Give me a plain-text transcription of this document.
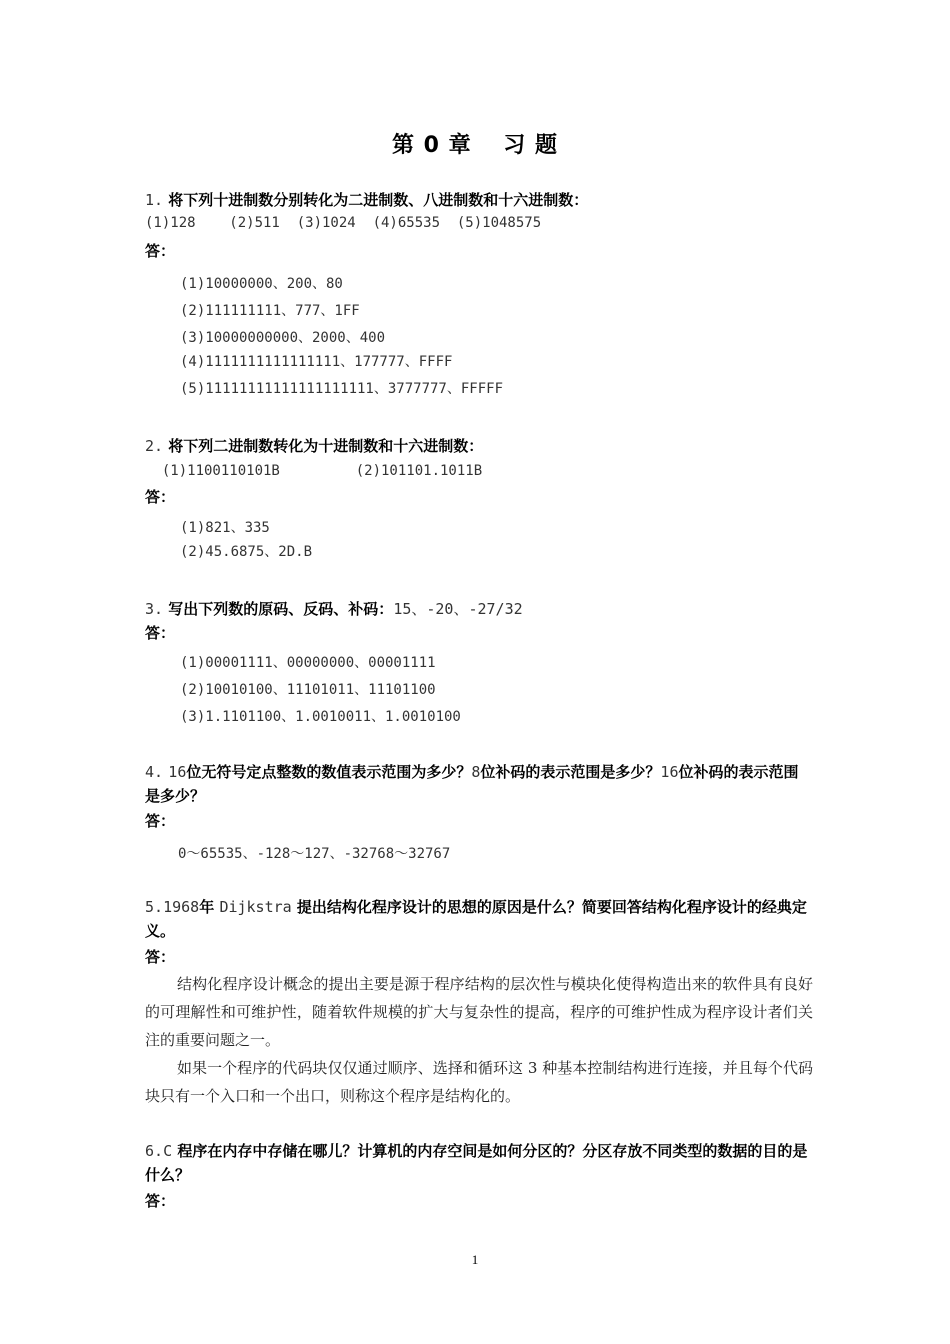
第 0 章　 习 题
1. 将下列十进制数分别转化为二进制数、八进制数和十六进制数：
(1)128    (2)511  (3)1024  (4)65535  (5)1048575
答：
(1)10000000、200、80
(2)111111111、777、1FF
(3)10000000000、2000、400
(4)1111111111111111、177777、FFFF
(5)11111111111111111111、3777777、FFFFF
2. 将下列二进制数转化为十进制数和十六进制数：
(1)1100110101B         (2)101101.1011B
答：
(1)821、335
(2)45.6875、2D.B
3. 写出下列数的原码、反码、补码：15、-20、-27/32
答：
(1)00001111、00000000、00001111
(2)10010100、11101011、11101100
(3)1.1101100、1.0010011、1.0010100
4. 16位无符号定点整数的数值表示范围为多少？8位补码的表示范围是多少？16位补码的表示范围是多少？
答：
0～65535、-128～127、-32768～32767
5.1968年 Dijkstra 提出结构化程序设计的思想的原因是什么？简要回答结构化程序设计的经典定义。
答：
结构化程序设计概念的提出主要是源于程序结构的层次性与模块化使得构造出来的软件具有良好的可理解性和可维护性，随着软件规模的扩大与复杂性的提高，程序的可维护性成为程序设计者们关注的重要问题之一。
如果一个程序的代码块仅仅通过顺序、选择和循环这 3 种基本控制结构进行连接，并且每个代码块只有一个入口和一个出口，则称这个程序是结构化的。
6.C 程序在内存中存储在哪儿？计算机的内存空间是如何分区的？分区存放不同类型的数据的目的是什么？
答：
1
